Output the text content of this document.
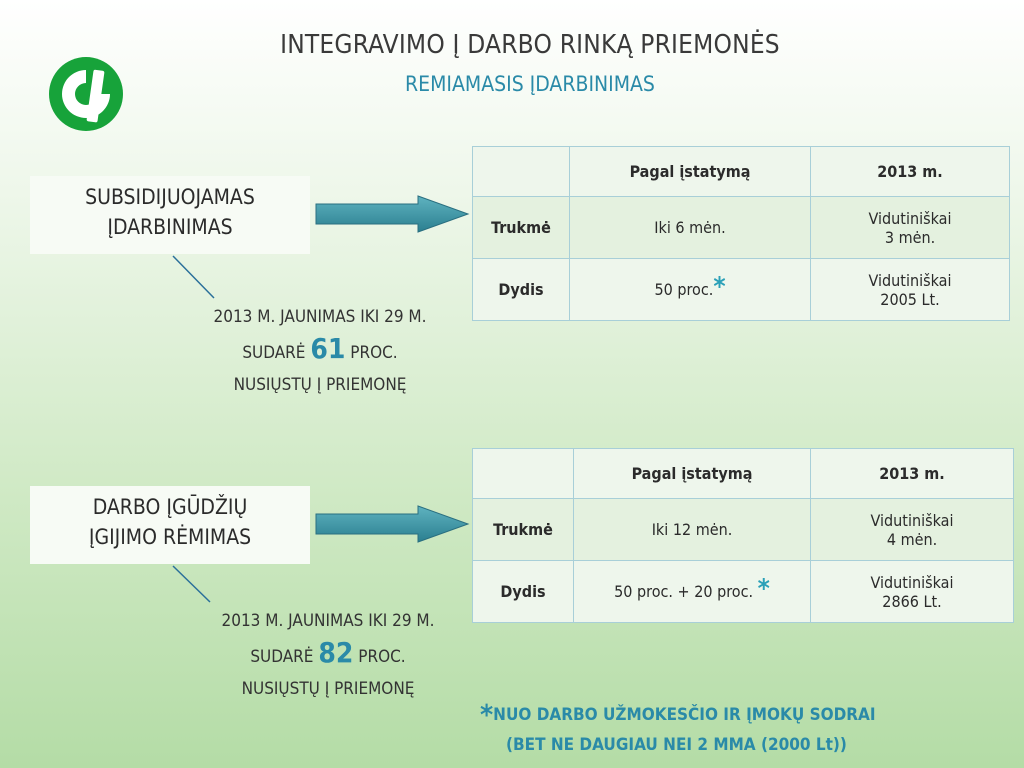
INTEGRAVIMO Į DARBO RINKĄ PRIEMONĖS
REMIAMASIS ĮDARBINIMAS
SUBSIDIJUOJAMAS
ĮDARBINIMAS
2013 M. JAUNIMAS IKI 29 M.
SUDARĖ 61 PROC.
NUSIŲSTŲ Į PRIEMONĘ
	Pagal įstatymą	2013 m.
Trukmė	Iki 6 mėn.	Vidutiniškai
3 mėn.

Dydis	50 proc.*	Vidutiniškai
2005 Lt.
DARBO ĮGŪDŽIŲ
ĮGIJIMO RĖMIMAS
2013 M. JAUNIMAS IKI 29 M.
SUDARĖ 82 PROC.
NUSIŲSTŲ Į PRIEMONĘ
	Pagal įstatymą	2013 m.
Trukmė	Iki 12 mėn.	Vidutiniškai
4 mėn.

Dydis	50 proc. + 20 proc. *	Vidutiniškai
2866 Lt.
*NUO DARBO UŽMOKESČIO IR ĮMOKŲ SODRAI
(BET NE DAUGIAU NEI 2 MMA (2000 Lt))
